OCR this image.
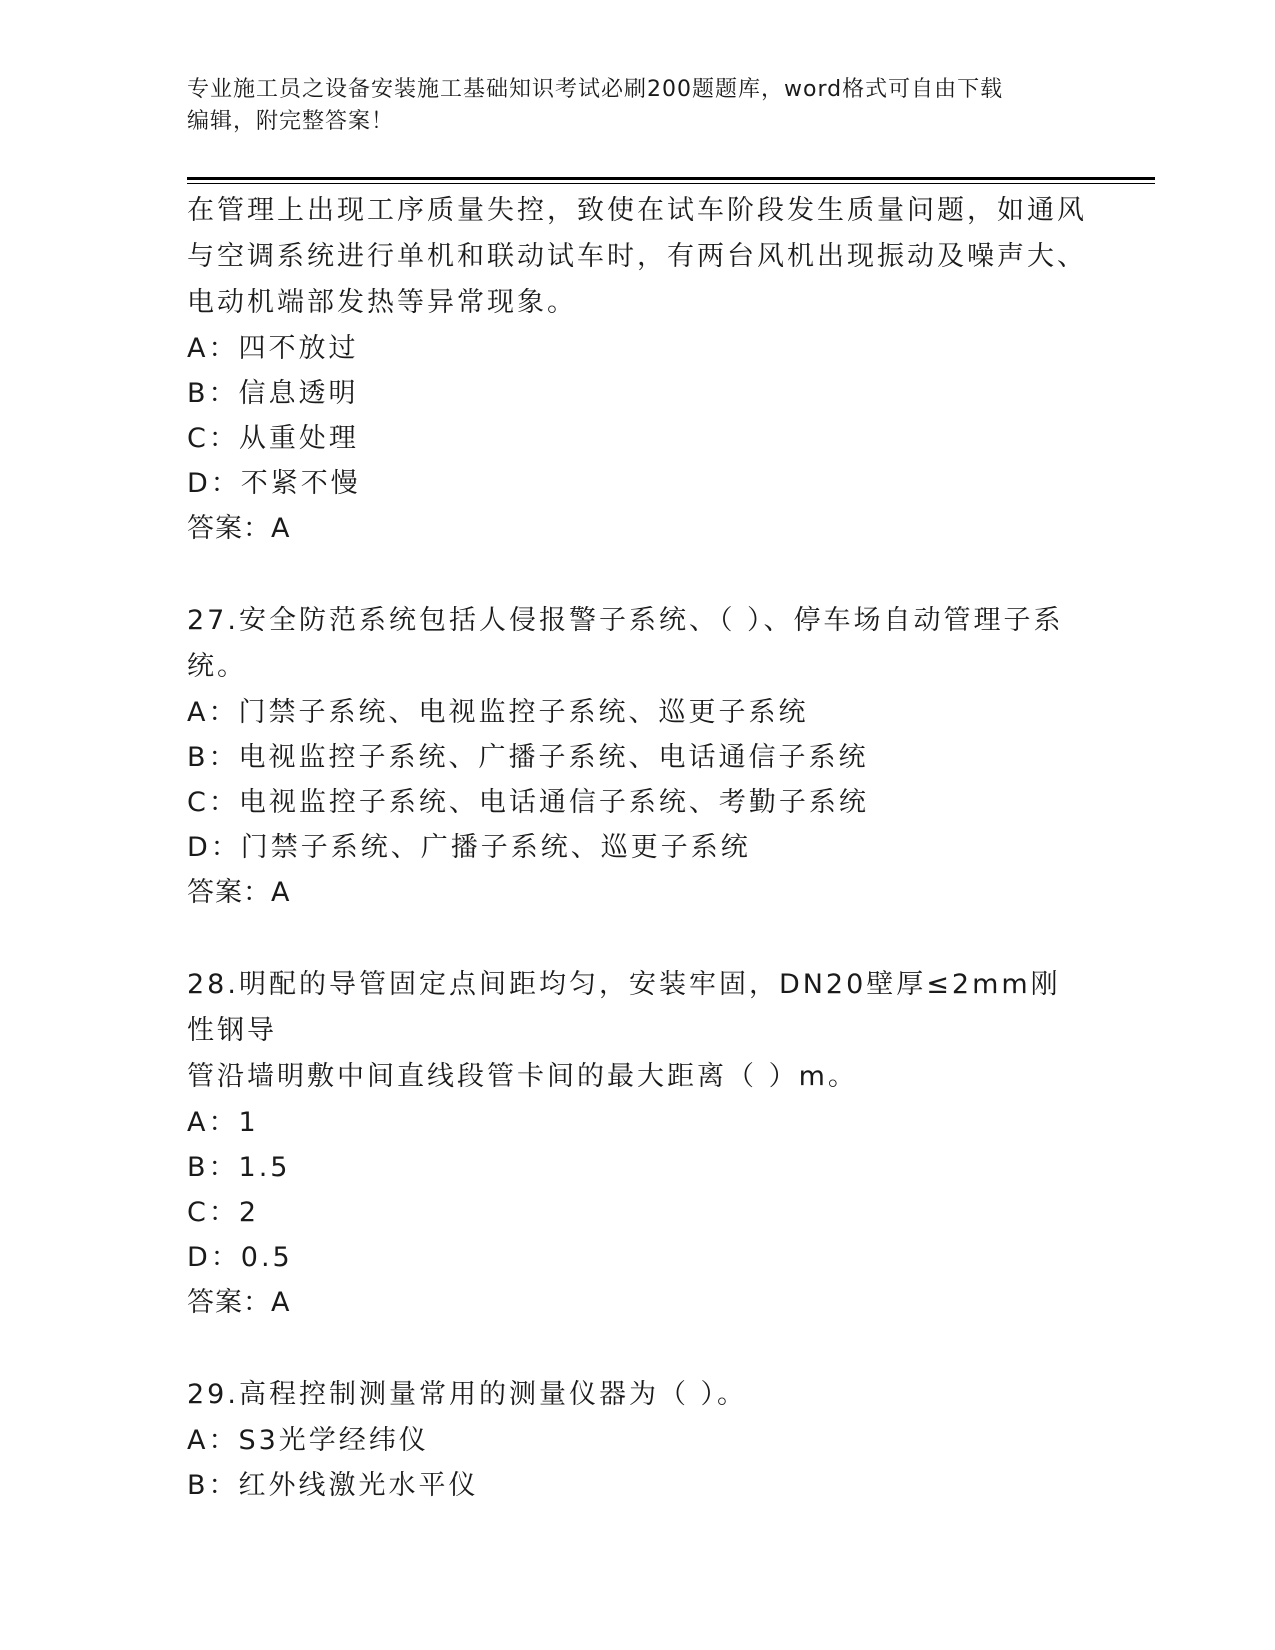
专业施工员之设备安装施工基础知识考试必刷200题题库，word格式可自由下载
编辑，附完整答案！
在管理上出现工序质量失控，致使在试车阶段发生质量问题，如通风
与空调系统进行单机和联动试车时，有两台风机出现振动及噪声大、
电动机端部发热等异常现象。
A：四不放过
B：信息透明
C：从重处理
D：不紧不慢
答案：A
27.安全防范系统包括人侵报警子系统、（ ）、停车场自动管理子系
统。
A：门禁子系统、电视监控子系统、巡更子系统
B：电视监控子系统、广播子系统、电话通信子系统
C：电视监控子系统、电话通信子系统、考勤子系统
D：门禁子系统、广播子系统、巡更子系统
答案：A
28.明配的导管固定点间距均匀，安装牢固，DN20壁厚≤2mm刚性钢导
管沿墙明敷中间直线段管卡间的最大距离（ ）m。
A：1
B：1.5
C：2
D：0.5
答案：A
29.高程控制测量常用的测量仪器为（ ）。
A：S3光学经纬仪
B：红外线激光水平仪
